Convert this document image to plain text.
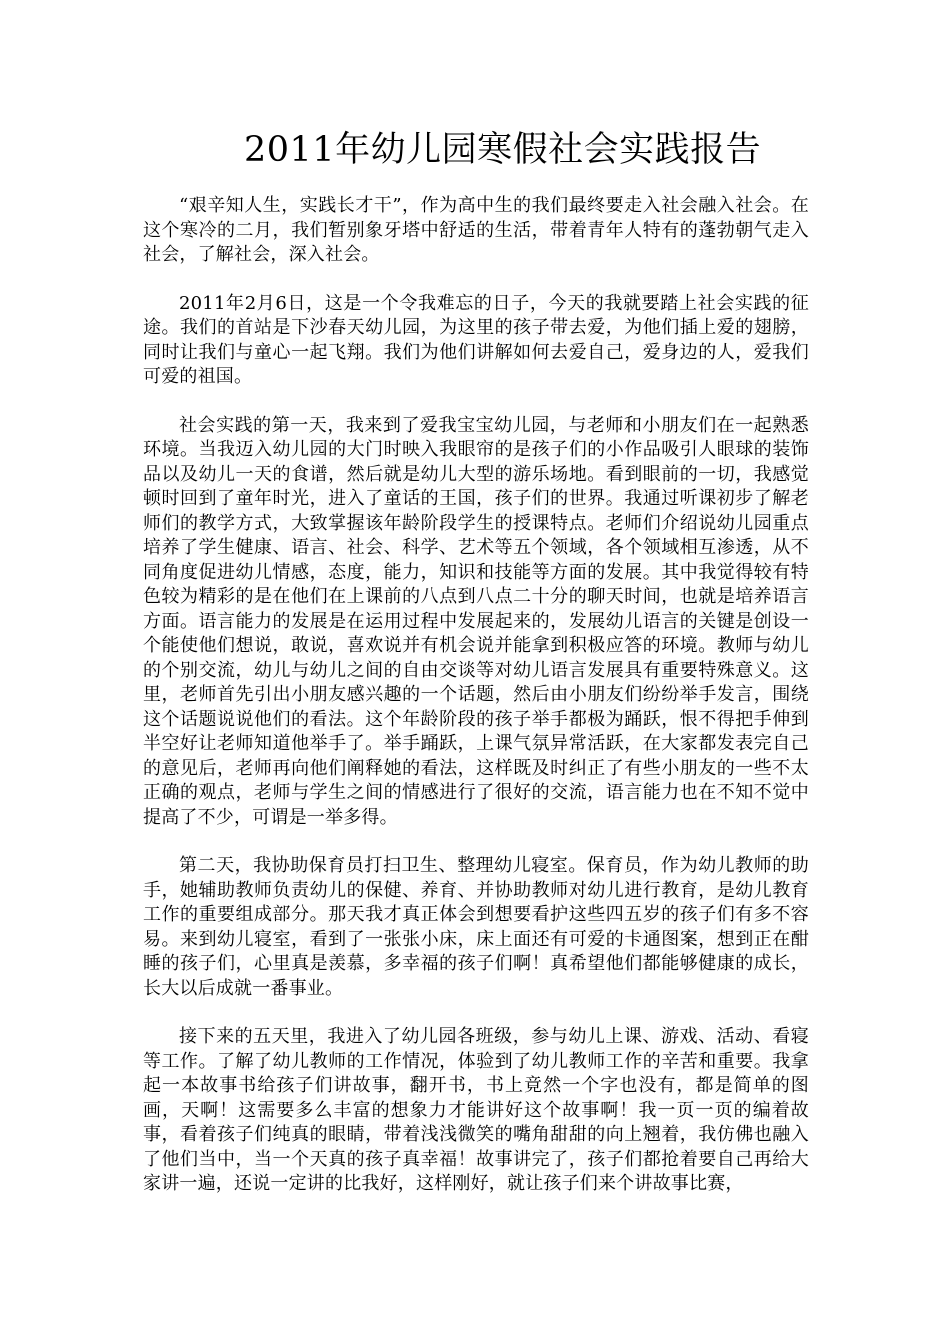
2011年幼儿园寒假社会实践报告

“艰辛知人生，实践长才干”，作为高中生的我们最终要走入社会融入社会。在这个寒冷的二月，我们暂别象牙塔中舒适的生活，带着青年人特有的蓬勃朝气走入社会，了解社会，深入社会。

2011年2月6日，这是一个令我难忘的日子，今天的我就要踏上社会实践的征途。我们的首站是下沙春天幼儿园，为这里的孩子带去爱，为他们插上爱的翅膀，同时让我们与童心一起飞翔。我们为他们讲解如何去爱自己，爱身边的人，爱我们可爱的祖国。

社会实践的第一天，我来到了爱我宝宝幼儿园，与老师和小朋友们在一起熟悉环境。当我迈入幼儿园的大门时映入我眼帘的是孩子们的小作品吸引人眼球的装饰品以及幼儿一天的食谱，然后就是幼儿大型的游乐场地。看到眼前的一切，我感觉顿时回到了童年时光，进入了童话的王国，孩子们的世界。我通过听课初步了解老师们的教学方式，大致掌握该年龄阶段学生的授课特点。老师们介绍说幼儿园重点培养了学生健康、语言、社会、科学、艺术等五个领域，各个领域相互渗透，从不同角度促进幼儿情感，态度，能力，知识和技能等方面的发展。其中我觉得较有特色较为精彩的是在他们在上课前的八点到八点二十分的聊天时间，也就是培养语言方面。语言能力的发展是在运用过程中发展起来的，发展幼儿语言的关键是创设一个能使他们想说，敢说，喜欢说并有机会说并能拿到积极应答的环境。教师与幼儿的个别交流，幼儿与幼儿之间的自由交谈等对幼儿语言发展具有重要特殊意义。这里，老师首先引出小朋友感兴趣的一个话题，然后由小朋友们纷纷举手发言，围绕这个话题说说他们的看法。这个年龄阶段的孩子举手都极为踊跃，恨不得把手伸到半空好让老师知道他举手了。举手踊跃，上课气氛异常活跃，在大家都发表完自己的意见后，老师再向他们阐释她的看法，这样既及时纠正了有些小朋友的一些不太正确的观点，老师与学生之间的情感进行了很好的交流，语言能力也在不知不觉中提高了不少，可谓是一举多得。

第二天，我协助保育员打扫卫生、整理幼儿寝室。保育员，作为幼儿教师的助手，她辅助教师负责幼儿的保健、养育、并协助教师对幼儿进行教育，是幼儿教育工作的重要组成部分。那天我才真正体会到想要看护这些四五岁的孩子们有多不容易。来到幼儿寝室，看到了一张张小床，床上面还有可爱的卡通图案，想到正在酣睡的孩子们，心里真是羡慕，多幸福的孩子们啊！真希望他们都能够健康的成长，长大以后成就一番事业。

接下来的五天里，我进入了幼儿园各班级，参与幼儿上课、游戏、活动、看寝等工作。了解了幼儿教师的工作情况，体验到了幼儿教师工作的辛苦和重要。我拿起一本故事书给孩子们讲故事，翻开书，书上竟然一个字也没有，都是简单的图画，天啊！这需要多么丰富的想象力才能讲好这个故事啊！我一页一页的编着故事，看着孩子们纯真的眼睛，带着浅浅微笑的嘴角甜甜的向上翘着，我仿佛也融入了他们当中，当一个天真的孩子真幸福！故事讲完了，孩子们都抢着要自己再给大家讲一遍，还说一定讲的比我好，这样刚好，就让孩子们来个讲故事比赛，
